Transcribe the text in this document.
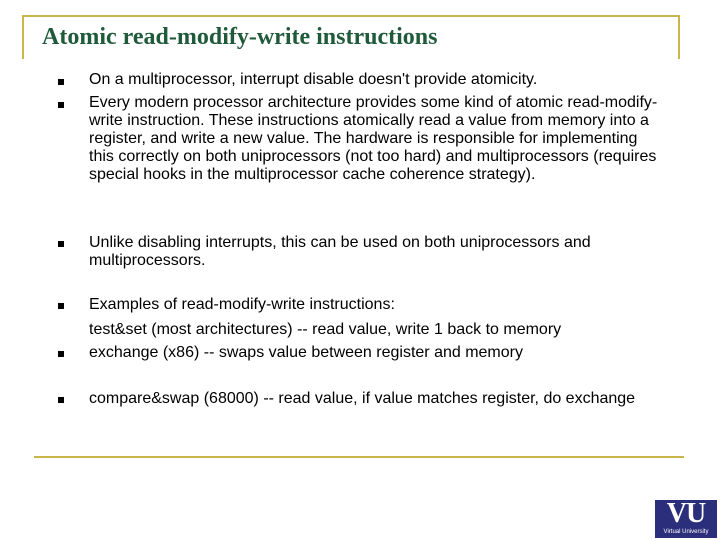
Atomic read-modify-write instructions
On a multiprocessor, interrupt disable doesn't provide atomicity.
Every modern processor architecture provides some kind of atomic read-modify-write instruction. These instructions atomically read a value from memory into a register, and write a new value. The hardware is responsible for implementing this correctly on both uniprocessors (not too hard) and multiprocessors (requires special hooks in the multiprocessor cache coherence strategy).
Unlike disabling interrupts, this can be used on both uniprocessors and multiprocessors.
Examples of read-modify-write instructions:
test&set (most architectures) -- read value, write 1 back to memory
exchange (x86) -- swaps value between register and memory
compare&swap (68000) -- read value, if value matches register, do exchange
VU
Virtual University
